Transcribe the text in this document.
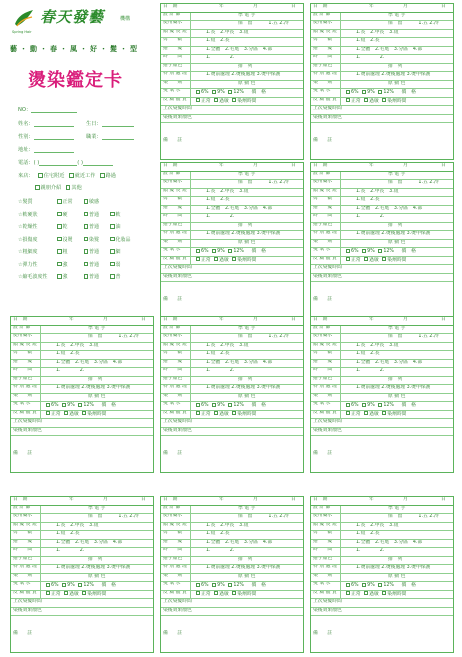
春天發藝	機構
Spring Hair
藝・動・春・風・好・髮・型
燙染鑑定卡
NO：
姓名：	生日：
性別：	職業：
地址：
電話：( )	( )
來店： 住宅附近 就近工作 路過
親朋介紹 其他
☆髮質	正常	敏感
☆軟硬狀	硬	普通	軟
☆乾燥性	乾	普通	油
☆損傷度	沒燙	染髮	化妝品
☆粗細度	粗	普通	細
☆彈力性	強	普通	弱
☆縮毛波度性	強	普通	普
日　期	年	月	日
設 計 師	學 電 手
使用藥水	保　留	1.五 2.冷
頭 髮 長 短	1.長　2.中長　3.短
剪　　數	1.短　2.長
捲　　髮	1.全體　2.毛尾　3.分區　4.部
時　　間	1.　　　　2.
捲子顏色	排　列
特 別 處 理	1.燙前處理 2.燙後處理 3.燙中保護
染　　劑	原 動 色
雙 氧 水	6% 9% 12% 價　格
皮 膚 體 質	正常 過敏 染劑時間
上次染髮時間
染後效果顏色
備　　註
日　期	年	月	日
設 計 師	學 電 手
使用藥水	保　留	1.五 2.冷
頭 髮 長 短	1.長　2.中長　3.短
剪　　數	1.短　2.長
捲　　髮	1.全體　2.毛尾　3.分區　4.部
時　　間	1.　　　　2.
捲子顏色	排　列
特 別 處 理	1.燙前處理 2.燙後處理 3.燙中保護
染　　劑	原 動 色
雙 氧 水	6% 9% 12% 價　格
皮 膚 體 質	正常 過敏 染劑時間
上次染髮時間
染後效果顏色
備　　註
日　期	年	月	日
設 計 師	學 電 手
使用藥水	保　留	1.五 2.冷
頭 髮 長 短	1.長　2.中長　3.短
剪　　數	1.短　2.長
捲　　髮	1.全體　2.毛尾　3.分區　4.部
時　　間	1.　　　　2.
捲子顏色	排　列
特 別 處 理	1.燙前處理 2.燙後處理 3.燙中保護
染　　劑	原 動 色
雙 氧 水	6% 9% 12% 價　格
皮 膚 體 質	正常 過敏 染劑時間
上次染髮時間
染後效果顏色
備　　註
日　期	年	月	日
設 計 師	學 電 手
使用藥水	保　留	1.五 2.冷
頭 髮 長 短	1.長　2.中長　3.短
剪　　數	1.短　2.長
捲　　髮	1.全體　2.毛尾　3.分區　4.部
時　　間	1.　　　　2.
捲子顏色	排　列
特 別 處 理	1.燙前處理 2.燙後處理 3.燙中保護
染　　劑	原 動 色
雙 氧 水	6% 9% 12% 價　格
皮 膚 體 質	正常 過敏 染劑時間
上次染髮時間
染後效果顏色
備　　註
日　期	年	月	日
設 計 師	學 電 手
使用藥水	保　留	1.五 2.冷
頭 髮 長 短	1.長　2.中長　3.短
剪　　數	1.短　2.長
捲　　髮	1.全體　2.毛尾　3.分區　4.部
時　　間	1.　　　　2.
捲子顏色	排　列
特 別 處 理	1.燙前處理 2.燙後處理 3.燙中保護
染　　劑	原 動 色
雙 氧 水	6% 9% 12% 價　格
皮 膚 體 質	正常 過敏 染劑時間
上次染髮時間
染後效果顏色
備　　註
日　期	年	月	日
設 計 師	學 電 手
使用藥水	保　留	1.五 2.冷
頭 髮 長 短	1.長　2.中長　3.短
剪　　數	1.短　2.長
捲　　髮	1.全體　2.毛尾　3.分區　4.部
時　　間	1.　　　　2.
捲子顏色	排　列
特 別 處 理	1.燙前處理 2.燙後處理 3.燙中保護
染　　劑	原 動 色
雙 氧 水	6% 9% 12% 價　格
皮 膚 體 質	正常 過敏 染劑時間
上次染髮時間
染後效果顏色
備　　註
日　期	年	月	日
設 計 師	學 電 手
使用藥水	保　留	1.五 2.冷
頭 髮 長 短	1.長　2.中長　3.短
剪　　數	1.短　2.長
捲　　髮	1.全體　2.毛尾　3.分區　4.部
時　　間	1.　　　　2.
捲子顏色	排　列
特 別 處 理	1.燙前處理 2.燙後處理 3.燙中保護
染　　劑	原 動 色
雙 氧 水	6% 9% 12% 價　格
皮 膚 體 質	正常 過敏 染劑時間
上次染髮時間
染後效果顏色
備　　註
日　期	年	月	日
設 計 師	學 電 手
使用藥水	保　留	1.五 2.冷
頭 髮 長 短	1.長　2.中長　3.短
剪　　數	1.短　2.長
捲　　髮	1.全體　2.毛尾　3.分區　4.部
時　　間	1.　　　　2.
捲子顏色	排　列
特 別 處 理	1.燙前處理 2.燙後處理 3.燙中保護
染　　劑	原 動 色
雙 氧 水	6% 9% 12% 價　格
皮 膚 體 質	正常 過敏 染劑時間
上次染髮時間
染後效果顏色
備　　註
日　期	年	月	日
設 計 師	學 電 手
使用藥水	保　留	1.五 2.冷
頭 髮 長 短	1.長　2.中長　3.短
剪　　數	1.短　2.長
捲　　髮	1.全體　2.毛尾　3.分區　4.部
時　　間	1.　　　　2.
捲子顏色	排　列
特 別 處 理	1.燙前處理 2.燙後處理 3.燙中保護
染　　劑	原 動 色
雙 氧 水	6% 9% 12% 價　格
皮 膚 體 質	正常 過敏 染劑時間
上次染髮時間
染後效果顏色
備　　註
日　期	年	月	日
設 計 師	學 電 手
使用藥水	保　留	1.五 2.冷
頭 髮 長 短	1.長　2.中長　3.短
剪　　數	1.短　2.長
捲　　髮	1.全體　2.毛尾　3.分區　4.部
時　　間	1.　　　　2.
捲子顏色	排　列
特 別 處 理	1.燙前處理 2.燙後處理 3.燙中保護
染　　劑	原 動 色
雙 氧 水	6% 9% 12% 價　格
皮 膚 體 質	正常 過敏 染劑時間
上次染髮時間
染後效果顏色
備　　註
